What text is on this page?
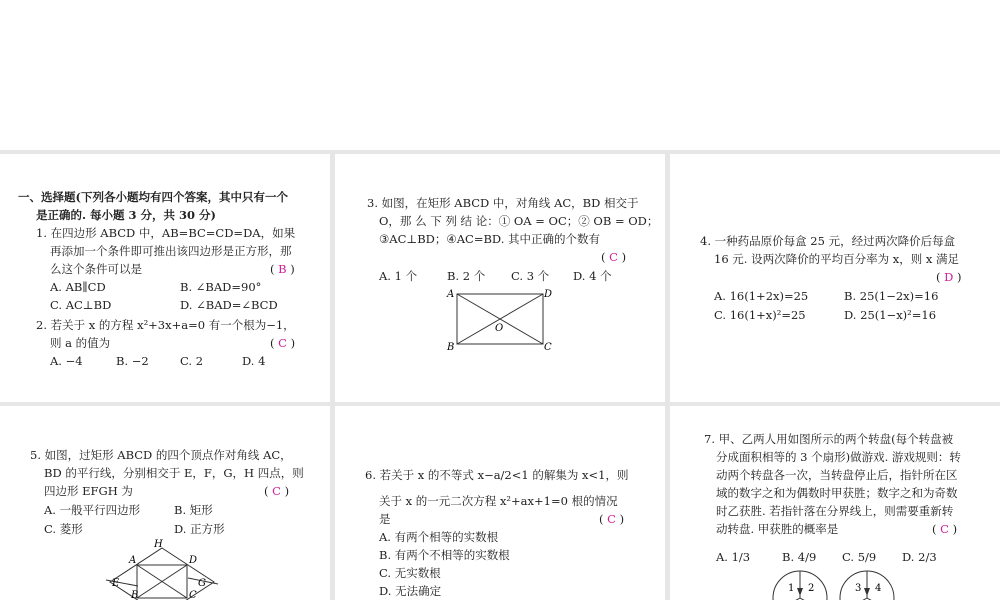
一、选择题(下列各小题均有四个答案，其中只有一个
是正确的. 每小题 3 分，共 30 分)
1. 在四边形 ABCD 中，AB=BC=CD=DA，如果
再添加一个条件即可推出该四边形是正方形，那
么这个条件可以是	( B )
A. AB∥CD	B. ∠BAD=90°
C. AC⊥BD	D. ∠BAD=∠BCD
2. 若关于 x 的方程 x²+3x+a=0 有一个根为−1，
则 a 的值为	( C )
A. −4	B. −2	C. 2	D. 4
3. 如图，在矩形 ABCD 中，对角线 AC，BD 相交于
O，那 么 下 列 结 论：① OA = OC；② OB = OD；
③AC⊥BD；④AC=BD. 其中正确的个数有
( C )
A. 1 个	B. 2 个 C. 3 个 D. 4 个
A	D
O
B	C
4. 一种药品原价每盒 25 元，经过两次降价后每盒
16 元. 设两次降价的平均百分率为 x，则 x 满足
( D )
A. 16(1+2x)=25	B. 25(1−2x)=16
C. 16(1+x)²=25	D. 25(1−x)²=16
5. 如图，过矩形 ABCD 的四个顶点作对角线 AC，
BD 的平行线，分别相交于 E，F，G，H 四点，则
四边形 EFGH 为	( C )
A. 一般平行四边形	B. 矩形
C. 菱形	D. 正方形
H
A	D
E	G
B	C
6. 若关于 x 的不等式 x−a/2<1 的解集为 x<1，则
关于 x 的一元二次方程 x²+ax+1=0 根的情况
是	( C )
A. 有两个相等的实数根
B. 有两个不相等的实数根
C. 无实数根
D. 无法确定
7. 甲、乙两人用如图所示的两个转盘(每个转盘被
分成面积相等的 3 个扇形)做游戏. 游戏规则：转
动两个转盘各一次，当转盘停止后，指针所在区
域的数字之和为偶数时甲获胜；数字之和为奇数
时乙获胜. 若指针落在分界线上，则需要重新转
动转盘. 甲获胜的概率是	( C )
A. 1/3	B. 4/9 C. 5/9 D. 2/3
1 2	3 4
